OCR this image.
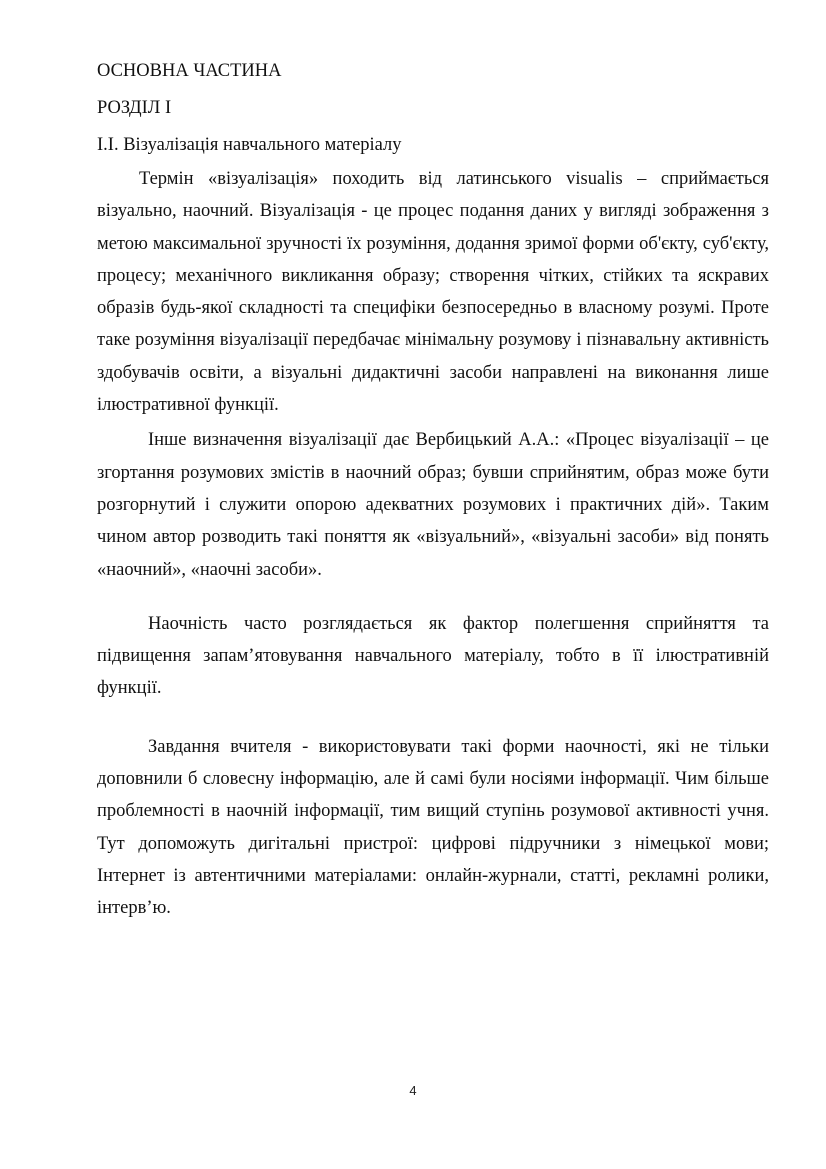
ОСНОВНА ЧАСТИНА

РОЗДІЛ І

І.І. Візуалізація навчального матеріалу

Термін «візуалізація» походить від латинського visualis – сприймається візуально, наочний. Візуалізація - це процес подання даних у вигляді зображення з метою максимальної зручності їх розуміння, додання зримої форми об'єкту, суб'єкту, процесу; механічного викликання образу; створення чітких, стійких та яскравих образів будь-якої складності та специфіки безпосередньо в власному розумі. Проте таке розуміння візуалізації передбачає мінімальну розумову і пізнавальну активність здобувачів освіти, а візуальні дидактичні засоби направлені на виконання лише ілюстративної функції.

Інше визначення візуалізації дає Вербицький А.А.: «Процес візуалізації – це згортання розумових змістів в наочний образ; бувши сприйнятим, образ може бути розгорнутий і служити опорою адекватних розумових і практичних дій». Таким чином автор розводить такі поняття як «візуальний», «візуальні засоби» від понять «наочний», «наочні засоби».

Наочність часто розглядається як фактор полегшення сприйняття та підвищення запам’ятовування навчального матеріалу, тобто в її ілюстративній функції.

Завдання вчителя - використовувати такі форми наочності, які не тільки доповнили б словесну інформацію, але й самі були носіями інформації. Чим більше проблемності в наочній інформації, тим вищий ступінь розумової активності учня. Тут допоможуть дигітальні пристрої: цифрові підручники з німецької мови; Інтернет із автентичними матеріалами: онлайн-журнали, статті, рекламні ролики, інтерв’ю.

4
